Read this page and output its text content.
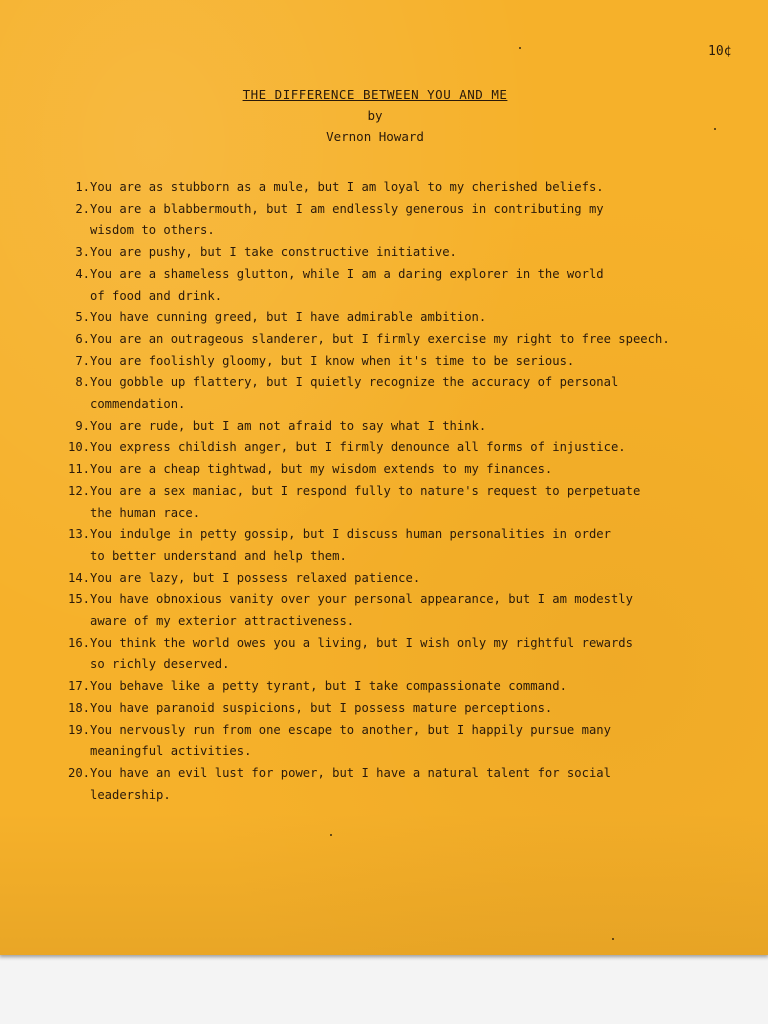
10¢
THE DIFFERENCE BETWEEN YOU AND ME
by
Vernon Howard
1. You are as stubborn as a mule, but I am loyal to my cherished beliefs.
2. You are a blabbermouth, but I am endlessly generous in contributing my
wisdom to others.
3. You are pushy, but I take constructive initiative.
4. You are a shameless glutton, while I am a daring explorer in the world
of food and drink.
5. You have cunning greed, but I have admirable ambition.
6. You are an outrageous slanderer, but I firmly exercise my right to free speech.
7. You are foolishly gloomy, but I know when it's time to be serious.
8. You gobble up flattery, but I quietly recognize the accuracy of personal
commendation.
9. You are rude, but I am not afraid to say what I think.
10. You express childish anger, but I firmly denounce all forms of injustice.
11. You are a cheap tightwad, but my wisdom extends to my finances.
12. You are a sex maniac, but I respond fully to nature's request to perpetuate
the human race.
13. You indulge in petty gossip, but I discuss human personalities in order
to better understand and help them.
14. You are lazy, but I possess relaxed patience.
15. You have obnoxious vanity over your personal appearance, but I am modestly
aware of my exterior attractiveness.
16. You think the world owes you a living, but I wish only my rightful rewards
so richly deserved.
17. You behave like a petty tyrant, but I take compassionate command.
18. You have paranoid suspicions, but I possess mature perceptions.
19. You nervously run from one escape to another, but I happily pursue many
meaningful activities.
20. You have an evil lust for power, but I have a natural talent for social
leadership.
